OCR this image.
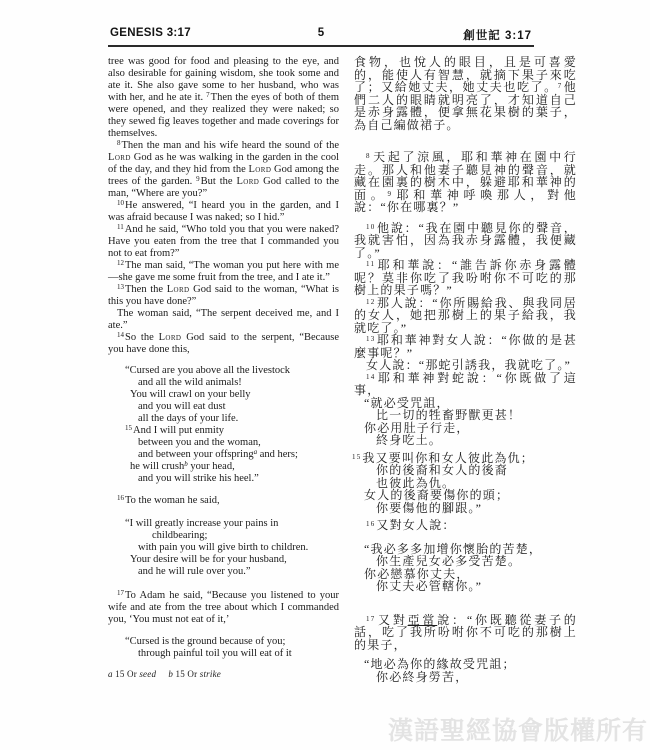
GENESIS 3:17	5	創世記 3:17

tree was good for food and pleasing to the eye, and also desirable for gaining wisdom, she took some and ate it. She also gave some to her husband, who was with her, and he ate it. $^7$Then the eyes of both of them were opened, and they realized they were naked; so they sewed fig leaves together and made coverings for themselves.

$^8$Then the man and his wife heard the sound of the Lord God as he was walking in the garden in the cool of the day, and they hid from the Lord God among the trees of the garden. $^9$But the Lord God called to the man, “Where are you?”

$^{10}$He answered, “I heard you in the garden, and I was afraid because I was naked; so I hid.”

$^{11}$And he said, “Who told you that you were naked? Have you eaten from the tree that I commanded you not to eat from?”

$^{12}$The man said, “The woman you put here with me—she gave me some fruit from the tree, and I ate it.”

$^{13}$Then the Lord God said to the woman, “What is this you have done?”

The woman said, “The serpent deceived me, and I ate.”

$^{14}$So the Lord God said to the serpent, “Because you have done this,

“Cursed are you above all the livestock
and all the wild animals!
You will crawl on your belly
and you will eat dust
all the days of your life.
$^{15}$And I will put enmity
between you and the woman,
and between your offspring$^a$ and hers;
he will crush$^b$ your head,
and you will strike his heel.”

$^{16}$To the woman he said,

“I will greatly increase your pains in
childbearing;
with pain you will give birth to children.
Your desire will be for your husband,
and he will rule over you.”

$^{17}$To Adam he said, “Because you listened to your wife and ate from the tree about which I commanded you, ‘You must not eat of it,’

“Cursed is the ground because of you;
through painful toil you will eat of it

a 15 Or seed b 15 Or strike

食物，也悅人的眼目，且是可喜愛的，能使人有智慧，就摘下果子來吃了；又給她丈夫，她丈夫也吃了。$^7$他們二人的眼睛就明亮了，才知道自己是赤身露體，便拿無花果樹的葉子，為自己編做裙子。

$^8$天起了涼風，耶和華神在園中行走。那人和他妻子聽見神的聲音，就藏在園裏的樹木中，躲避耶和華神的面。$^9$耶和華神呼喚那人，對他說：“你在哪裏？”

$^{10}$他說：“我在園中聽見你的聲音，我就害怕，因為我赤身露體，我便藏了。”

$^{11}$耶和華說：“誰告訴你赤身露體呢？莫非你吃了我吩咐你不可吃的那樹上的果子嗎？”

$^{12}$那人說：“你所賜給我、與我同居的女人，她把那樹上的果子給我，我就吃了。”

$^{13}$耶和華神對女人說：“你做的是甚麼事呢？”

女人說：“那蛇引誘我，我就吃了。”

$^{14}$耶和華神對蛇說：“你既做了這事，

“就必受咒詛，
比一切的牲畜野獸更甚！
你必用肚子行走，
終身吃土。
$^{15}$我又要叫你和女人彼此為仇；
你的後裔和女人的後裔
也彼此為仇。
女人的後裔要傷你的頭；
你要傷他的腳跟。”

$^{16}$又對女人說：

“我必多多加增你懷胎的苦楚，
你生產兒女必多受苦楚。
你必戀慕你丈夫，
你丈夫必管轄你。”

$^{17}$又對亞當說：“你既聽從妻子的話，吃了我所吩咐你不可吃的那樹上的果子，

“地必為你的緣故受咒詛；
你必終身勞苦，
漢語聖經協會版權所有
